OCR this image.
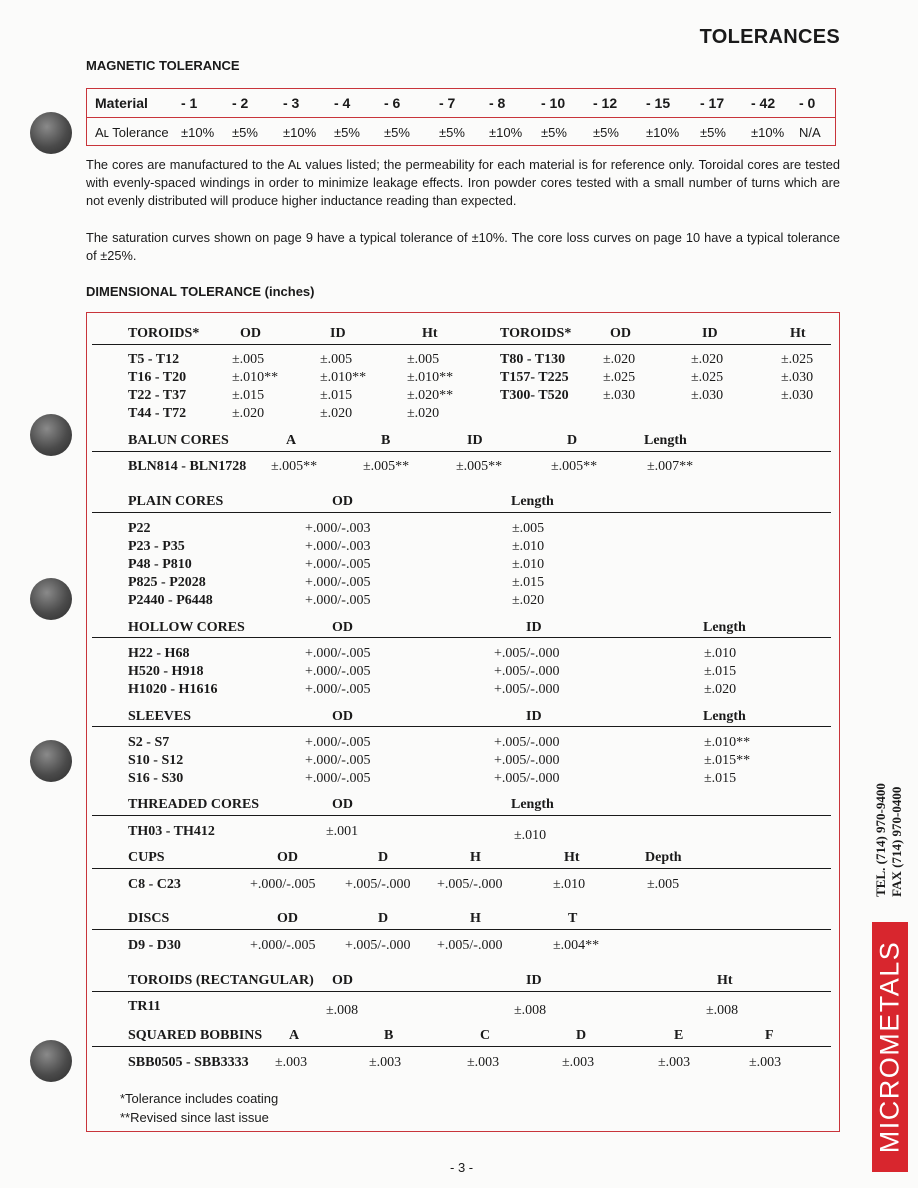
TOLERANCES
MAGNETIC TOLERANCE
Material - 1 - 2 - 3 - 4 - 6	- 7 - 8	- 10 - 12 - 15 - 17 - 42 - 0
Aʟ Tolerance ±10% ±5% ±10% ±5% ±5% ±5% ±10% ±5% ±5% ±10% ±5% ±10% N/A
The cores are manufactured to the Aʟ values listed; the permeability for each material is for reference only. Toroidal cores are tested with evenly-spaced windings in order to minimize leakage effects. Iron powder cores tested with a small number of turns which are not evenly distributed will produce higher inductance reading than expected.
The saturation curves shown on page 9 have a typical tolerance of ±10%. The core loss curves on page 10 have a typical tolerance of ±25%.
DIMENSIONAL TOLERANCE (inches)
TOROIDS*	OD	ID	Ht	TOROIDS*	OD	ID	Ht
T5 - T12	±.005	±.005	±.005
T16 - T20	±.010**	±.010**	±.010**
T22 - T37	±.015	±.015	±.020**
T44 - T72	±.020	±.020	±.020
T80 - T130	±.020	±.020	±.025
T157- T225 ±.025	±.025	±.030
T300- T520 ±.030	±.030	±.030
BALUN CORES	A	B	ID	D	Length
BLN814 - BLN1728 ±.005**	±.005**	±.005**	±.005**	±.007**
PLAIN CORES	OD	Length
P22	+.000/-.003	±.005
P23 - P35	+.000/-.003	±.010
P48 - P810	+.000/-.005	±.010
P825 - P2028	+.000/-.005	±.015
P2440 - P6448	+.000/-.005	±.020
HOLLOW CORES	OD	ID	Length
H22 - H68	+.000/-.005	+.005/-.000	±.010
H520 - H918	+.000/-.005	+.005/-.000	±.015
H1020 - H1616	+.000/-.005	+.005/-.000	±.020
SLEEVES	OD	ID	Length
S2 - S7	+.000/-.005	+.005/-.000	±.010**
S10 - S12	+.000/-.005	+.005/-.000	±.015**
S16 - S30	+.000/-.005	+.005/-.000	±.015
THREADED CORES	OD	Length
TH03 - TH412	±.001	±.010
CUPS	OD	D	H	Ht	Depth
C8 - C23	+.000/-.005 +.005/-.000 +.005/-.000	±.010	±.005
DISCS	OD	D	H	T
D9 - D30	+.000/-.005 +.005/-.000 +.005/-.000	±.004**
TOROIDS (RECTANGULAR) OD	ID	Ht
TR11	±.008	±.008	±.008
SQUARED BOBBINS A	B	C	D	E	F
SBB0505 - SBB3333 ±.003	±.003	±.003	±.003	±.003	±.003
*Tolerance includes coating
**Revised since last issue
- 3 -
MICROMETALS
TEL. (714) 970-9400 FAX (714) 970-0400
